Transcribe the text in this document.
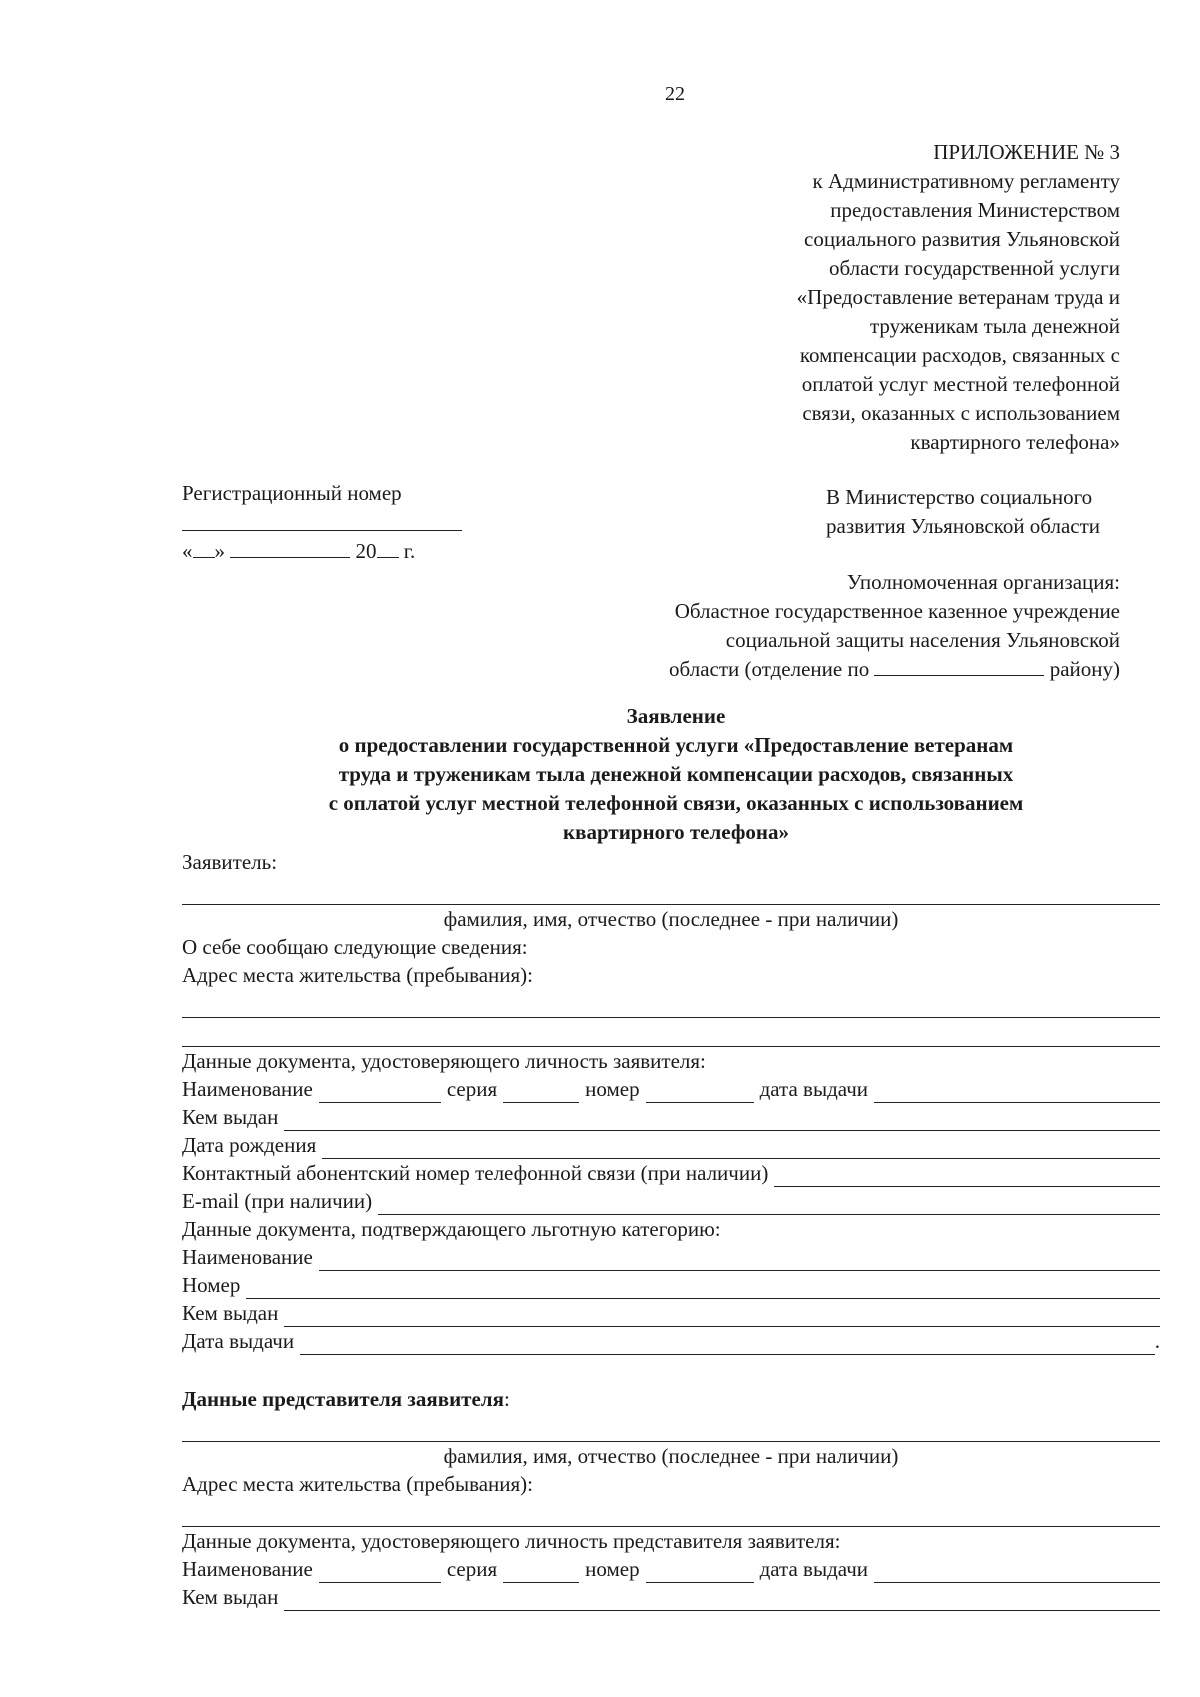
22
ПРИЛОЖЕНИЕ № 3
к Административному регламенту
предоставления Министерством
социального развития Ульяновской
области государственной услуги
«Предоставление ветеранам труда и
труженикам тыла денежной
компенсации расходов, связанных с
оплатой услуг местной телефонной
связи, оказанных с использованием
квартирного телефона»
Регистрационный номер
« »	20 г.
В Министерство социального
развития Ульяновской области
Уполномоченная организация:
Областное государственное казенное учреждение
социальной защиты населения Ульяновской
области (отделение по	району)
Заявление
о предоставлении государственной услуги «Предоставление ветеранам
труда и труженикам тыла денежной компенсации расходов, связанных
с оплатой услуг местной телефонной связи, оказанных с использованием
квартирного телефона»
Заявитель:
фамилия, имя, отчество (последнее - при наличии)
О себе сообщаю следующие сведения:
Адрес места жительства (пребывания):
Данные документа, удостоверяющего личность заявителя:
Наименование	серия	номер	дата выдачи
Кем выдан
Дата рождения
Контактный абонентский номер телефонной связи (при наличии)
E-mail (при наличии)
Данные документа, подтверждающего льготную категорию:
Наименование
Номер
Кем выдан
Дата выдачи	.
Данные представителя заявителя :
фамилия, имя, отчество (последнее - при наличии)
Адрес места жительства (пребывания):
Данные документа, удостоверяющего личность представителя заявителя:
Наименование	серия	номер	дата выдачи
Кем выдан
